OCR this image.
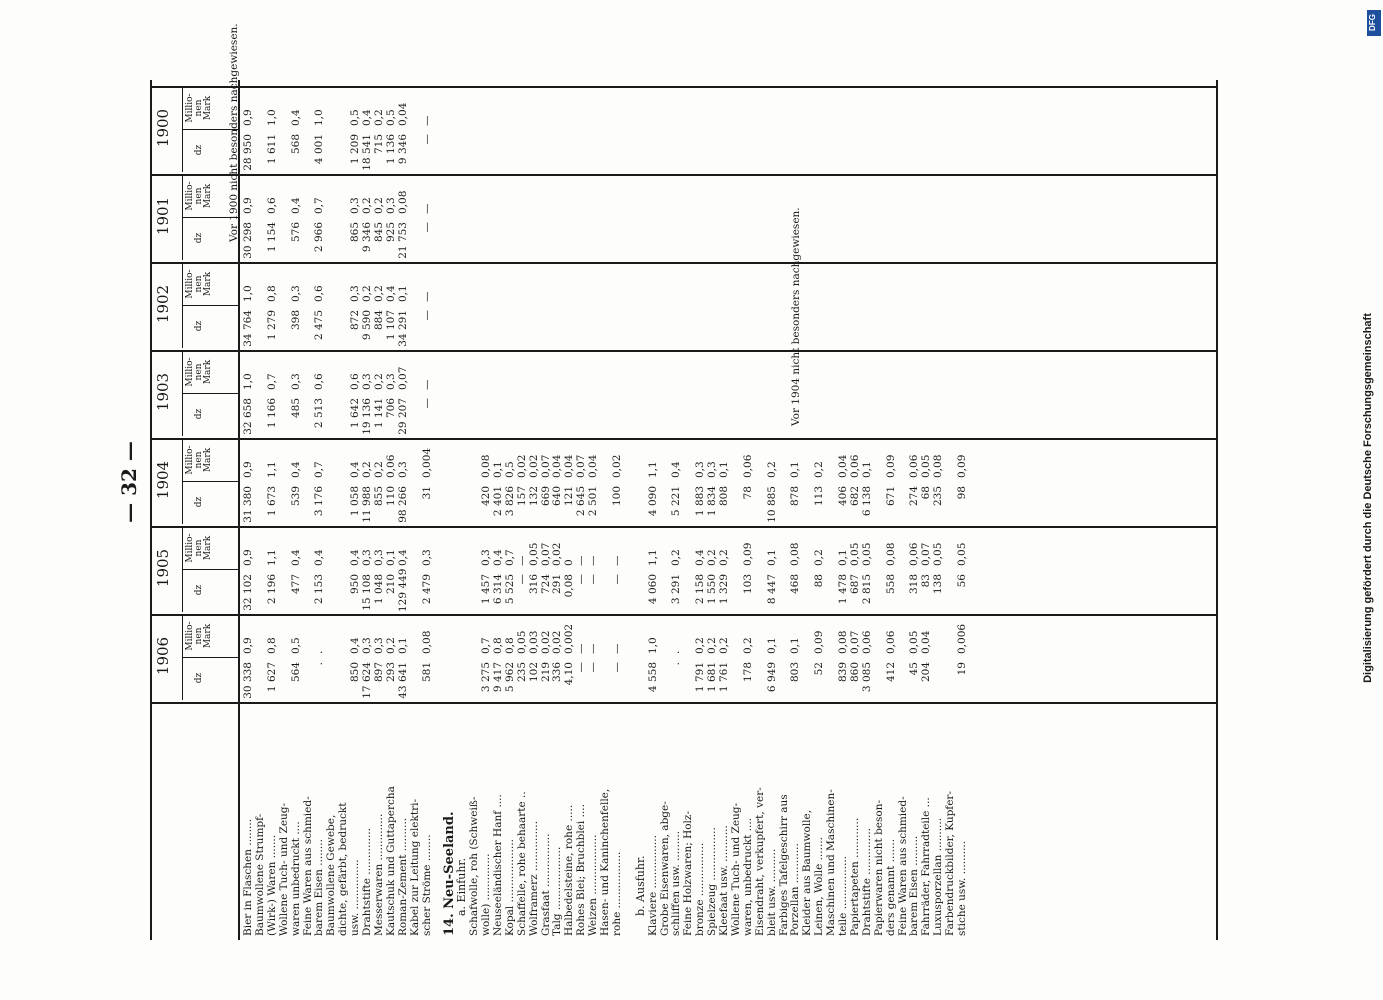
— 32 —	Digitalisierung gefördert durch die Deutsche Forschungsgemeinschaft
DFG
1906
dz
Millio-nen Mark
1905
dz
Millio-nen Mark
1904
dz
Millio-nen Mark
1903
dz
Millio-nen Mark
1902
dz
Millio-nen Mark
1901
dz
Millio-nen Mark
1900
dz
Millio-nen Mark
Bier in Flaschen ........
30 338
0,9
32 102
0,9
31 380
0,9
32 658
1,0
34 764
1,0
30 298
0,9
28 950
0,9
Baumwollene Strumpf- (Wirk-) Waren .......
1 627
0,8
2 196
1,1
1 673
1,1
1 166
0,7
1 279
0,8
1 154
0,6
1 611
1,0
Wollene Tuch- und Zeug- waren unbedruckt ....
564
0,5
477
0,4
539
0,4
485
0,3
398
0,3
576
0,4
568
0,4
Feine Waren aus schmied- barem Eisen ........
.
.
2 153
0,4
3 176
0,7
2 513
0,6
2 475
0,6
2 966
0,7
4 001
1,0
Baumwollene Gewebe, dichte, gefärbt, bedruckt usw. ...............
850
0,4
950
0,4
1 058
0,4
1 642
0,6
872
0,3
865
0,3
1 209
0,5
Drahtstifte ..............
17 624
0,3
15 108
0,3
11 988
0,2
19 136
0,3
9 590
0,2
9 346
0,2
18 541
0,4
Messerwaren ..............
897
0,3
1 048
0,3
855
0,2
1 141
0,2
884
0,2
845
0,2
715
0,2
Kautschuk und Guttapercha
293
0,2
210
0,1
110
0,06
706
0,3
1 107
0,4
925
0,3
1 136
0,5
Roman-Zement ..........
43 641
0,1
129 449
0,4
98 266
0,3
29 207
0,07
34 291
0,1
21 753
0,08
9 346
0,04
Kabel zur Leitung elektri- scher Ströme ........
581
0,08
2 479
0,3
31
0,004
—
—
—
—
—
—
—
—
14. Neu-Seeland.
a. Einfuhr. Schafwolle, roh (Schweiß- wolle) ..............
3 275
0,7
1 457
0,3
420
0,08
Neuseeländischer Hanf ....
9 417
0,8
6 314
0,4
2 401
0,1
Kopal ...................
5 962
0,8
5 525
0,7
3 826
0,5
Schaffelle, rohe behaarte ..
235
0,05
—
—
157
0,02
Wolframerz ...............
102
0,03
316
0,05
132
0,02
Grasfaat ................
219
0,02
724
0,07
669
0,07
Talg ...................
336
0,02
291
0,02
640
0,04
Halbedelsteine, rohe .....
4,10
0,002
0,08
0
121
0,04
Rohes Blei; Bruchblei ....
—
—
—
—
2 645
0,07
Weizen ..................
—
—
—
—
2 501
0,04
Hasen- und Kaninchenfelle, rohe .................
—
—
—
—
100
0,02
b. Ausfuhr. Klaviere ................
4 558
1,0
4 060
1,1
4 090
1,1
Grobe Eisenwaren, abge- schliffen usw. .........
.
.
3 291
0,2
5 221
0,4
Feine Holzwaren; Holz- bronze ................
1 791
0,2
2 158
0,4
1 883
0,3
Spielzeug ................
1 681
0,2
1 550
0,2
1 834
0,3
Kleefaat usw. ...........
1 761
0,2
1 329
0,2
808
0,1
Wollene Tuch- und Zeug- waren, unbedruckt ....
178
0,2
103
0,09
78
0,06
Eisendraht, verkupfert, ver- bleit usw. ..........
6 949
0,1
8 447
0,1
10 885
0,2
Farbiges Tafelgeschirr aus Porzellan ............
803
0,1
468
0,08
878
0,1
Kleider aus Baumwolle, Leinen, Wolle .......
52
0,09
88
0,2
113
0,2
Maschinen und Maschinen- teile ................
839
0,08
1 478
0,1
406
0,04
Papiertapeten ............
860
0,07
687
0,05
682
0,06
Drahtstifte ..............
3 085
0,06
2 815
0,05
6 138
0,1
Papierwaren nicht beson- ders genannt .......
412
0,06
558
0,08
671
0,09
Feine Waren aus schmied- barem Eisen .........
45
0,05
318
0,06
274
0,06
Fahrräder, Fahrradteile ...
204
0,04
83
0,07
68
0,05
Luxusporzellan ..........
138
0,05
235
0,08
Farbendruckbilder, Kupfer- stiche usw. ..........
19
0,006
56
0,05
98
0,09
Vor 1900 nicht besonders nachgewiesen.
Vor 1904 nicht besonders nachgewiesen.
